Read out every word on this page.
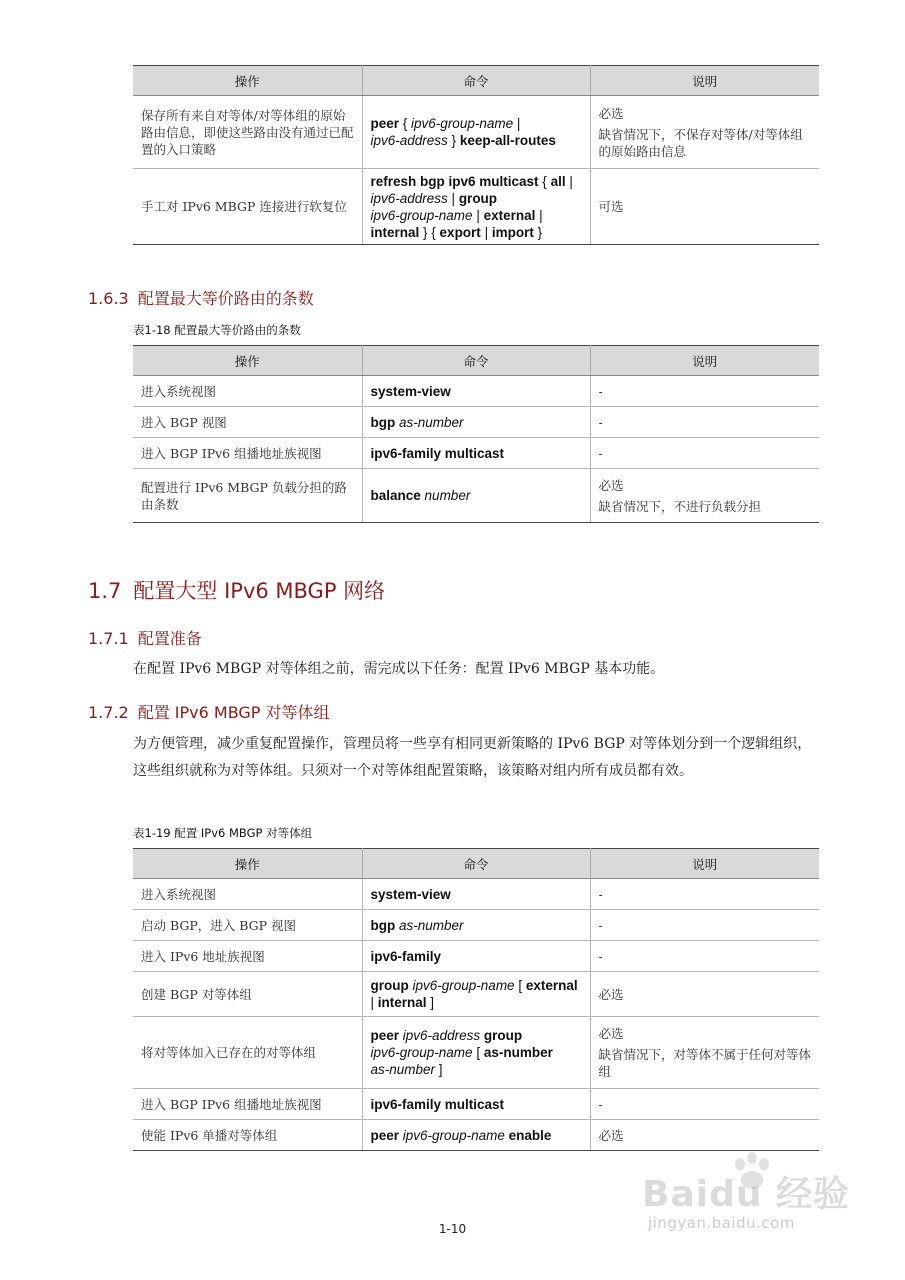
操作	命令	说明
保存所有来自对等体/对等体组的原始路由信息，即使这些路由没有通过已配置的入口策略	peer { ipv6-group-name |
ipv6-address } keep-all-routes	必选
缺省情况下，不保存对等体/对等体组的原始路由信息
手工对 IPv6 MBGP 连接进行软复位	refresh bgp ipv6 multicast { all |
ipv6-address | group
ipv6-group-name | external |
internal } { export | import }	可选
1.6.3 配置最大等价路由的条数
表1-18 配置最大等价路由的条数
操作	命令	说明
进入系统视图	system-view	-
进入 BGP 视图	bgp as-number	-
进入 BGP IPv6 组播地址族视图	ipv6-family multicast	-
配置进行 IPv6 MBGP 负载分担的路由条数	balance number	必选
缺省情况下，不进行负载分担
1.7 配置大型 IPv6 MBGP 网络
1.7.1 配置准备
在配置 IPv6 MBGP 对等体组之前，需完成以下任务：配置 IPv6 MBGP 基本功能。
1.7.2 配置 IPv6 MBGP 对等体组
为方便管理，减少重复配置操作，管理员将一些享有相同更新策略的 IPv6 BGP 对等体划分到一个逻辑组织，这些组织就称为对等体组。只须对一个对等体组配置策略，该策略对组内所有成员都有效。
表1-19 配置 IPv6 MBGP 对等体组
操作	命令	说明
进入系统视图	system-view	-
启动 BGP，进入 BGP 视图	bgp as-number	-
进入 IPv6 地址族视图	ipv6-family	-
创建 BGP 对等体组	group ipv6-group-name [ external
| internal ]	必选
将对等体加入已存在的对等体组	peer ipv6-address group
ipv6-group-name [ as-number
as-number ]	必选
缺省情况下，对等体不属于任何对等体组
进入 BGP IPv6 组播地址族视图	ipv6-family multicast	-
使能 IPv6 单播对等体组	peer ipv6-group-name enable	必选
Baidu 经验
jingyan.baidu.com
1-10
